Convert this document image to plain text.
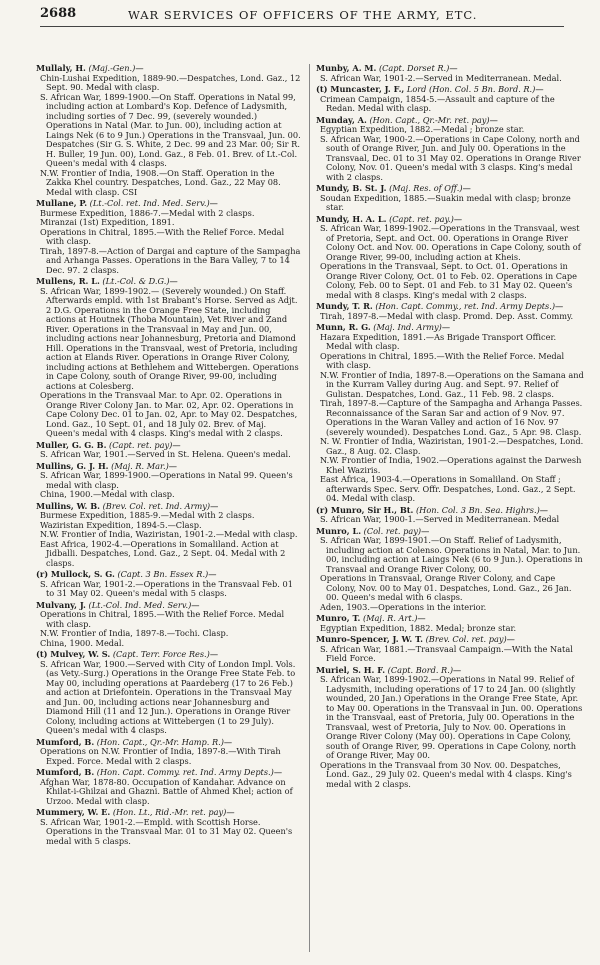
2688	WAR SERVICES OF OFFICERS OF THE ARMY, ETC.

Mullaly, H. (Maj.-Gen.)—

Chin-Lushai Expedition, 1889-90.—Despatches, Lond. Gaz., 12 Sept. 90. Medal with clasp.

S. African War, 1899-1900.—On Staff. Operations in Natal 99, including action at Lombard's Kop. Defence of Ladysmith, including sorties of 7 Dec. 99, (severely wounded.) Operations in Natal (Mar. to Jun. 00), including action at Laings Nek (6 to 9 Jun.) Operations in the Transvaal, Jun. 00. Despatches (Sir G. S. White, 2 Dec. 99 and 23 Mar. 00; Sir R. H. Buller, 19 Jun. 00), Lond. Gaz., 8 Feb. 01. Brev. of Lt.-Col. Queen's medal with 4 clasps.

N.W. Frontier of India, 1908.—On Staff. Operation in the Zakka Khel country. Despatches, Lond. Gaz., 22 May 08. Medal with clasp. CSI

Mullane, P. (Lt.-Col. ret. Ind. Med. Serv.)—

Burmese Expedition, 1886-7.—Medal with 2 clasps.

Miranzai (1st) Expedition, 1891.

Operations in Chitral, 1895.—With the Relief Force. Medal with clasp.

Tirah, 1897-8.—Action of Dargai and capture of the Sampagha and Arhanga Passes. Operations in the Bara Valley, 7 to 14 Dec. 97. 2 clasps.

Mullens, R. L. (Lt.-Col. & D.G.)—

S. African War, 1899-1902.— (Severely wounded.) On Staff. Afterwards empld. with 1st Brabant's Horse. Served as Adjt. 2 D.G. Operations in the Orange Free State, including actions at Houtnek (Thoba Mountain), Vet River and Zand River. Operations in the Transvaal in May and Jun. 00, including actions near Johannesburg, Pretoria and Diamond Hill. Operations in the Transvaal, west of Pretoria, including action at Elands River. Operations in Orange River Colony, including actions at Bethlehem and Wittebergen. Operations in Cape Colony, south of Orange River, 99-00, including actions at Colesberg.

Operations in the Transvaal Mar. to Apr. 02. Operations in Orange River Colony Jan. to Mar. 02, Apr. 02. Operations in Cape Colony Dec. 01 to Jan. 02, Apr. to May 02. Despatches, Lond. Gaz., 10 Sept. 01, and 18 July 02. Brev. of Maj. Queen's medal with 4 clasps. King's medal with 2 clasps.

Muller, G. G. B. (Capt. ret. pay)—

S. African War, 1901.—Served in St. Helena. Queen's medal.

Mullins, G. J. H. (Maj. R. Mar.)—

S. African War, 1899-1900.—Operations in Natal 99. Queen's medal with clasp.

China, 1900.—Medal with clasp.

Mullins, W. B. (Brev. Col. ret. Ind. Army)—

Burmese Expedition, 1885-9.—Medal with 2 clasps.

Waziristan Expedition, 1894-5.—Clasp.

N.W. Frontier of India, Waziristan, 1901-2.—Medal with clasp.

East Africa, 1902-4.—Operations in Somaliland. Action at Jidballi. Despatches, Lond. Gaz., 2 Sept. 04. Medal with 2 clasps.

(r) Mullock, S. G. (Capt. 3 Bn. Essex R.)—

S. African War, 1901-2.—Operations in the Transvaal Feb. 01 to 31 May 02. Queen's medal with 5 clasps.

Mulvany, J. (Lt.-Col. Ind. Med. Serv.)—

Operations in Chitral, 1895.—With the Relief Force. Medal with clasp.

N.W. Frontier of India, 1897-8.—Tochi. Clasp.

China, 1900. Medal.

(t) Mulvey, W. S. (Capt. Terr. Force Res.)—

S. African War, 1900.—Served with City of London Impl. Vols. (as Vety.-Surg.) Operations in the Orange Free State Feb. to May 00, including operations at Paardeberg (17 to 26 Feb.) and action at Driefontein. Operations in the Transvaal May and Jun. 00, including actions near Johannesburg and Diamond Hill (11 and 12 Jun.). Operations in Orange River Colony, including actions at Wittebergen (1 to 29 July). Queen's medal with 4 clasps.

Mumford, B. (Hon. Capt., Qr.-Mr. Hamp. R.)—

Operations on N.W. Frontier of India, 1897-8.—With Tirah Exped. Force. Medal with 2 clasps.

Mumford, B. (Hon. Capt. Commy. ret. Ind. Army Depts.)—

Afghan War, 1878-80. Occupation of Kandahar. Advance on Khilat-i-Ghilzai and Ghazni. Battle of Ahmed Khel; action of Urzoo. Medal with clasp.

Mummery, W. E. (Hon. Lt., Rid.-Mr. ret. pay)—

S. African War, 1901-2.—Empld. with Scottish Horse. Operations in the Transvaal Mar. 01 to 31 May 02. Queen's medal with 5 clasps.

Munby, A. M. (Capt. Dorset R.)—

S. African War, 1901-2.—Served in Mediterranean. Medal.

(t) Muncaster, J. F., Lord (Hon. Col. 5 Bn. Bord. R.)—

Crimean Campaign, 1854-5.—Assault and capture of the Redan. Medal with clasp.

Munday, A. (Hon. Capt., Qr.-Mr. ret. pay)—

Egyptian Expedition, 1882.—Medal ; bronze star.

S. African War, 1900-2.—Operations in Cape Colony, north and south of Orange River, Jun. and July 00. Operations in the Transvaal, Dec. 01 to 31 May 02. Operations in Orange River Colony, Nov. 01. Queen's medal with 3 clasps. King's medal with 2 clasps.

Mundy, B. St. J. (Maj. Res. of Off.)—

Soudan Expedition, 1885.—Suakin medal with clasp; bronze star.

Mundy, H. A. L. (Capt. ret. pay.)—

S. African War, 1899-1902.—Operations in the Transvaal, west of Pretoria, Sept. and Oct. 00. Operations in Orange River Colony Oct. and Nov. 00. Operations in Cape Colony, south of Orange River, 99-00, including action at Kheis.

Operations in the Transvaal, Sept. to Oct. 01. Operations in Orange River Colony, Oct. 01 to Feb. 02. Operations in Cape Colony, Feb. 00 to Sept. 01 and Feb. to 31 May 02. Queen's medal with 8 clasps. King's medal with 2 clasps.

Mundy, T. R. (Hon. Capt. Commy., ret. Ind. Army Depts.)—

Tirah, 1897-8.—Medal with clasp. Promd. Dep. Asst. Commy.

Munn, R. G. (Maj. Ind. Army)—

Hazara Expedition, 1891.—As Brigade Transport Officer. Medal with clasp.

Operations in Chitral, 1895.—With the Relief Force. Medal with clasp.

N.W. Frontier of India, 1897-8.—Operations on the Samana and in the Kurram Valley during Aug. and Sept. 97. Relief of Gulistan. Despatches, Lond. Gaz., 11 Feb. 98. 2 clasps.

Tirah, 1897-8.—Capture of the Sampagha and Arhanga Passes. Reconnaissance of the Saran Sar and action of 9 Nov. 97. Operations in the Waran Valley and action of 16 Nov. 97 (severely wounded). Despatches Lond. Gaz., 5 Apr. 98. Clasp.

N. W. Frontier of India, Waziristan, 1901-2.—Despatches, Lond. Gaz., 8 Aug. 02. Clasp.

N.W. Frontier of India, 1902.—Operations against the Darwesh Khel Waziris.

East Africa, 1903-4.—Operations in Somaliland. On Staff ; afterwards Spec. Serv. Offr. Despatches, Lond. Gaz., 2 Sept. 04. Medal with clasp.

(r) Munro, Sir H., Bt. (Hon. Col. 3 Bn. Sea. Highrs.)—

S. African War, 1900-1.—Served in Mediterranean. Medal

Munro, L. (Col. ret. pay)—

S. African War, 1899-1901.—On Staff. Relief of Ladysmith, including action at Colenso. Operations in Natal, Mar. to Jun. 00, including action at Laings Nek (6 to 9 Jun.). Operations in Transvaal and Orange River Colony, 00.

Operations in Transvaal, Orange River Colony, and Cape Colony, Nov. 00 to May 01. Despatches, Lond. Gaz., 26 Jan. 00. Queen's medal with 6 clasps.

Aden, 1903.—Operations in the interior.

Munro, T. (Maj. R. Art.)—

Egyptian Expedition, 1882. Medal; bronze star.

Munro-Spencer, J. W. T. (Brev. Col. ret. pay)—

S. African War, 1881.—Transvaal Campaign.—With the Natal Field Force.

Muriel, S. H. F. (Capt. Bord. R.)—

S. African War, 1899-1902.—Operations in Natal 99. Relief of Ladysmith, including operations of 17 to 24 Jan. 00 (slightly wounded, 20 Jan.) Operations in the Orange Free State, Apr. to May 00. Operations in the Transvaal in Jun. 00. Operations in the Transvaal, east of Pretoria, July 00. Operations in the Transvaal, west of Pretoria, July to Nov. 00. Operations in Orange River Colony (May 00). Operations in Cape Colony, south of Orange River, 99. Operations in Cape Colony, north of Orange River, May 00.

Operations in the Transvaal from 30 Nov. 00. Despatches, Lond. Gaz., 29 July 02. Queen's medal with 4 clasps. King's medal with 2 clasps.
